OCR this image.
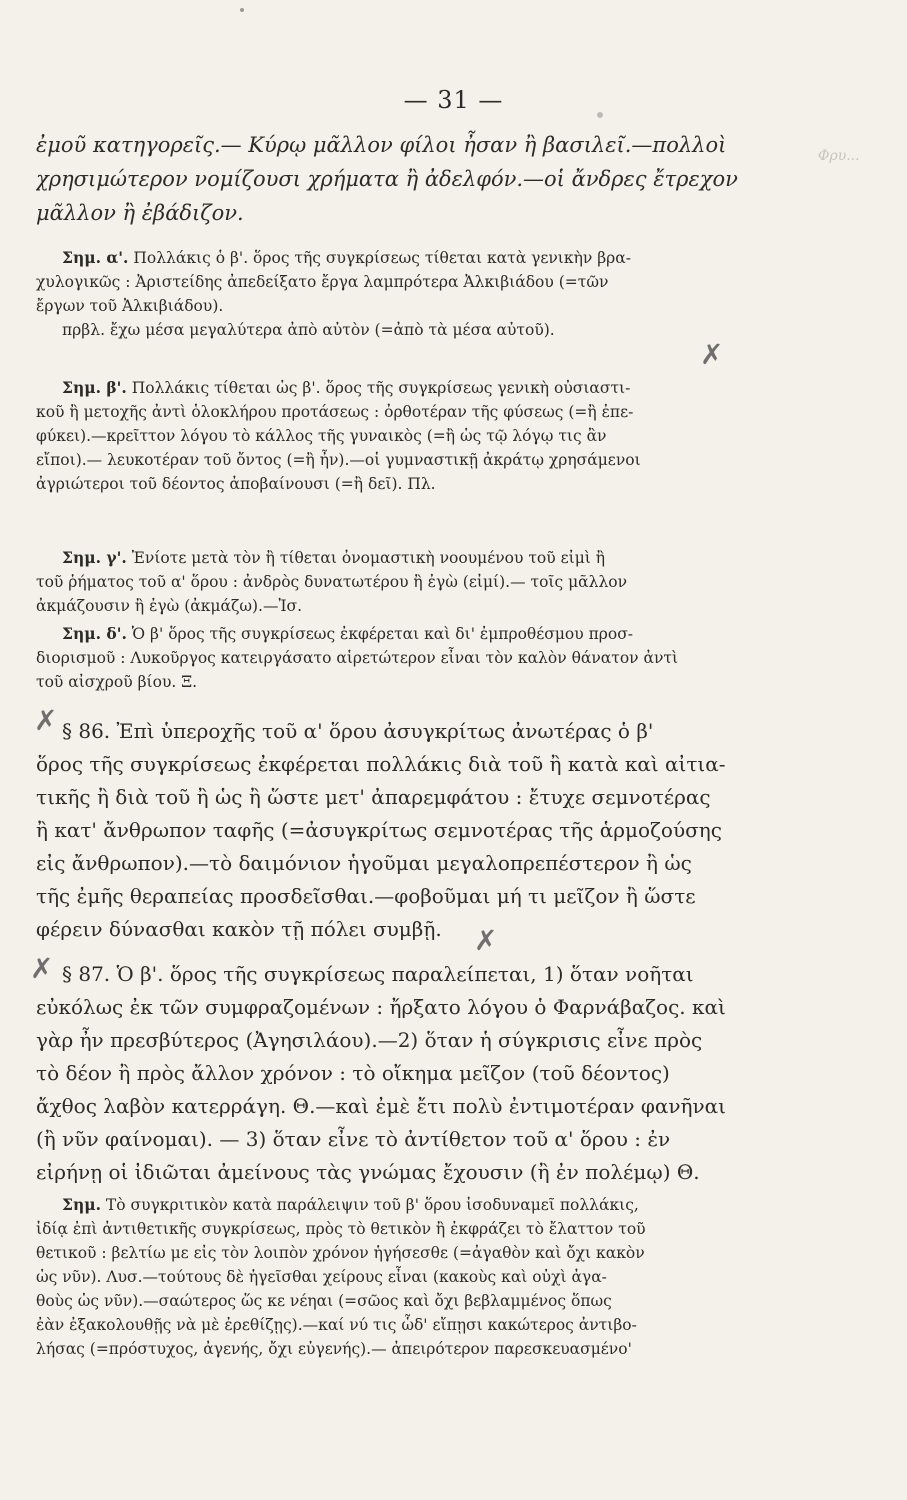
Φρυ...
— 31 —
ἐμοῦ κατηγορεῖς.— Κύρῳ μᾶλλον φίλοι ἦσαν ἢ βασιλεῖ.—πολλοὶ
χρησιμώτερον νομίζουσι χρήματα ἢ ἀδελφόν.—οἱ ἄνδρες ἔτρεχον
μᾶλλον ἢ ἐβάδιζον.
Σημ. α'. Πολλάκις ὁ β'. ὅρος τῆς συγκρίσεως τίθεται κατὰ γενικὴν βρα-
χυλογικῶς : Ἀριστείδης ἀπεδείξατο ἔργα λαμπρότερα Ἀλκιβιάδου (=τῶν
ἔργων τοῦ Ἀλκιβιάδου).
πρβλ. ἔχω μέσα μεγαλύτερα ἀπὸ αὐτὸν (=ἀπὸ τὰ μέσα αὐτοῦ).
Σημ. β'. Πολλάκις τίθεται ὡς β'. ὅρος τῆς συγκρίσεως γενικὴ οὐσιαστι-
κοῦ ἢ μετοχῆς ἀντὶ ὁλοκλήρου προτάσεως : ὀρθοτέραν τῆς φύσεως (=ἢ ἐπε-
φύκει).—κρεῖττον λόγου τὸ κάλλος τῆς γυναικὸς (=ἢ ὡς τῷ λόγῳ τις ἂν
εἴποι).— λευκοτέραν τοῦ ὄντος (=ἢ ἦν).—οἱ γυμναστικῇ ἀκράτῳ χρησάμενοι
ἀγριώτεροι τοῦ δέοντος ἀποβαίνουσι (=ἢ δεῖ). Πλ.
Σημ. γ'. Ἐνίοτε μετὰ τὸν ἢ τίθεται ὀνομαστικὴ νοουμένου τοῦ εἰμὶ ἢ
τοῦ ῥήματος τοῦ α' ὅρου : ἀνδρὸς δυνατωτέρου ἢ ἐγὼ (εἰμί).— τοῖς μᾶλλον
ἀκμάζουσιν ἢ ἐγὼ (ἀκμάζω).—Ἰσ.
Σημ. δ'. Ὁ β' ὅρος τῆς συγκρίσεως ἐκφέρεται καὶ δι' ἐμπροθέσμου προσ-
διορισμοῦ : Λυκοῦργος κατειργάσατο αἱρετώτερον εἶναι τὸν καλὸν θάνατον ἀντὶ
τοῦ αἰσχροῦ βίου. Ξ.
§ 86. Ἐπὶ ὑπεροχῆς τοῦ α' ὅρου ἀσυγκρίτως ἀνωτέρας ὁ β'
ὅρος τῆς συγκρίσεως ἐκφέρεται πολλάκις διὰ τοῦ ἢ κατὰ καὶ αἰτια-
τικῆς ἢ διὰ τοῦ ἢ ὡς ἢ ὥστε μετ' ἀπαρεμφάτου : ἔτυχε σεμνοτέρας
ἢ κατ' ἄνθρωπον ταφῆς (=ἀσυγκρίτως σεμνοτέρας τῆς ἁρμοζούσης
εἰς ἄνθρωπον).—τὸ δαιμόνιον ἡγοῦμαι μεγαλοπρεπέστερον ἢ ὡς
τῆς ἐμῆς θεραπείας προσδεῖσθαι.—φοβοῦμαι μή τι μεῖζον ἢ ὥστε
φέρειν δύνασθαι κακὸν τῇ πόλει συμβῇ.
§ 87. Ὁ β'. ὅρος τῆς συγκρίσεως παραλείπεται, 1) ὅταν νοῆται
εὐκόλως ἐκ τῶν συμφραζομένων : ἤρξατο λόγου ὁ Φαρνάβαζος. καὶ
γὰρ ἦν πρεσβύτερος (Ἀγησιλάου).—2) ὅταν ἡ σύγκρισις εἶνε πρὸς
τὸ δέον ἢ πρὸς ἄλλον χρόνον : τὸ οἴκημα μεῖζον (τοῦ δέοντος)
ἄχθος λαβὸν κατερράγη. Θ.—καὶ ἐμὲ ἔτι πολὺ ἐντιμοτέραν φανῆναι
(ἢ νῦν φαίνομαι). — 3) ὅταν εἶνε τὸ ἀντίθετον τοῦ α' ὅρου : ἐν
εἰρήνῃ οἱ ἰδιῶται ἀμείνους τὰς γνώμας ἔχουσιν (ἢ ἐν πολέμῳ) Θ.
Σημ. Τὸ συγκριτικὸν κατὰ παράλειψιν τοῦ β' ὅρου ἰσοδυναμεῖ πολλάκις,
ἰδίᾳ ἐπὶ ἀντιθετικῆς συγκρίσεως, πρὸς τὸ θετικὸν ἢ ἐκφράζει τὸ ἔλαττον τοῦ
θετικοῦ : βελτίω με εἰς τὸν λοιπὸν χρόνον ἡγήσεσθε (=ἀγαθὸν καὶ ὄχι κακὸν
ὡς νῦν). Λυσ.—τούτους δὲ ἡγεῖσθαι χείρους εἶναι (κακοὺς καὶ οὐχὶ ἀγα-
θοὺς ὡς νῦν).—σαώτερος ὥς κε νέηαι (=σῶος καὶ ὄχι βεβλαμμένος ὅπως
ἐὰν ἐξακολουθῇς νὰ μὲ ἐρεθίζῃς).—καί νύ τις ὧδ' εἴπῃσι κακώτερος ἀντιβο-
λήσας (=πρόστυχος, ἀγενής, ὄχι εὐγενής).— ἀπειρότερον παρεσκευασμένο'
✗
✗
✗
✗
